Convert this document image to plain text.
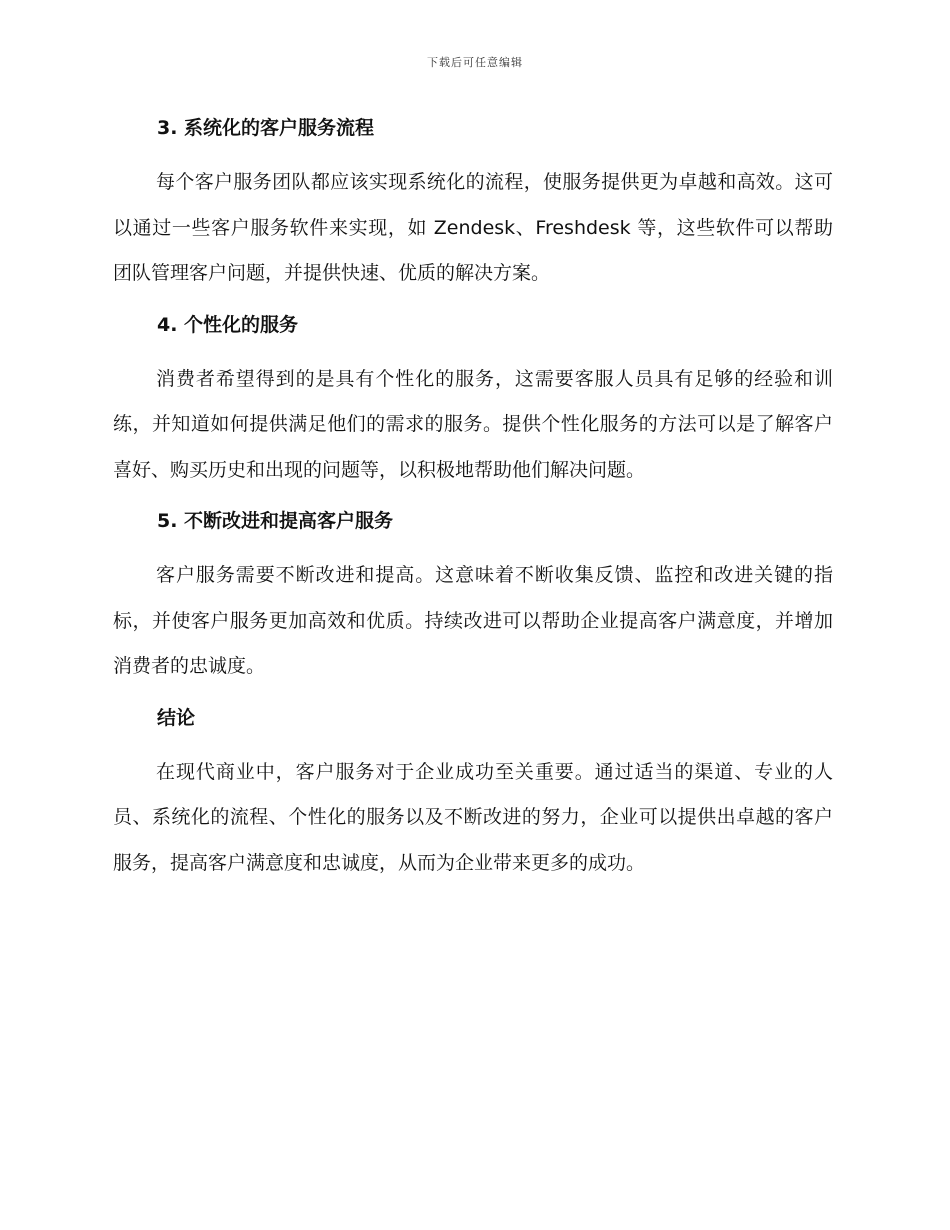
下载后可任意编辑
3. 系统化的客户服务流程

每个客户服务团队都应该实现系统化的流程，使服务提供更为卓越和高效。这可以通过一些客户服务软件来实现，如 Zendesk、Freshdesk 等，这些软件可以帮助团队管理客户问题，并提供快速、优质的解决方案。

4. 个性化的服务

消费者希望得到的是具有个性化的服务，这需要客服人员具有足够的经验和训练，并知道如何提供满足他们的需求的服务。提供个性化服务的方法可以是了解客户喜好、购买历史和出现的问题等，以积极地帮助他们解决问题。

5. 不断改进和提高客户服务

客户服务需要不断改进和提高。这意味着不断收集反馈、监控和改进关键的指标，并使客户服务更加高效和优质。持续改进可以帮助企业提高客户满意度，并增加消费者的忠诚度。

结论

在现代商业中，客户服务对于企业成功至关重要。通过适当的渠道、专业的人员、系统化的流程、个性化的服务以及不断改进的努力，企业可以提供出卓越的客户服务，提高客户满意度和忠诚度，从而为企业带来更多的成功。
